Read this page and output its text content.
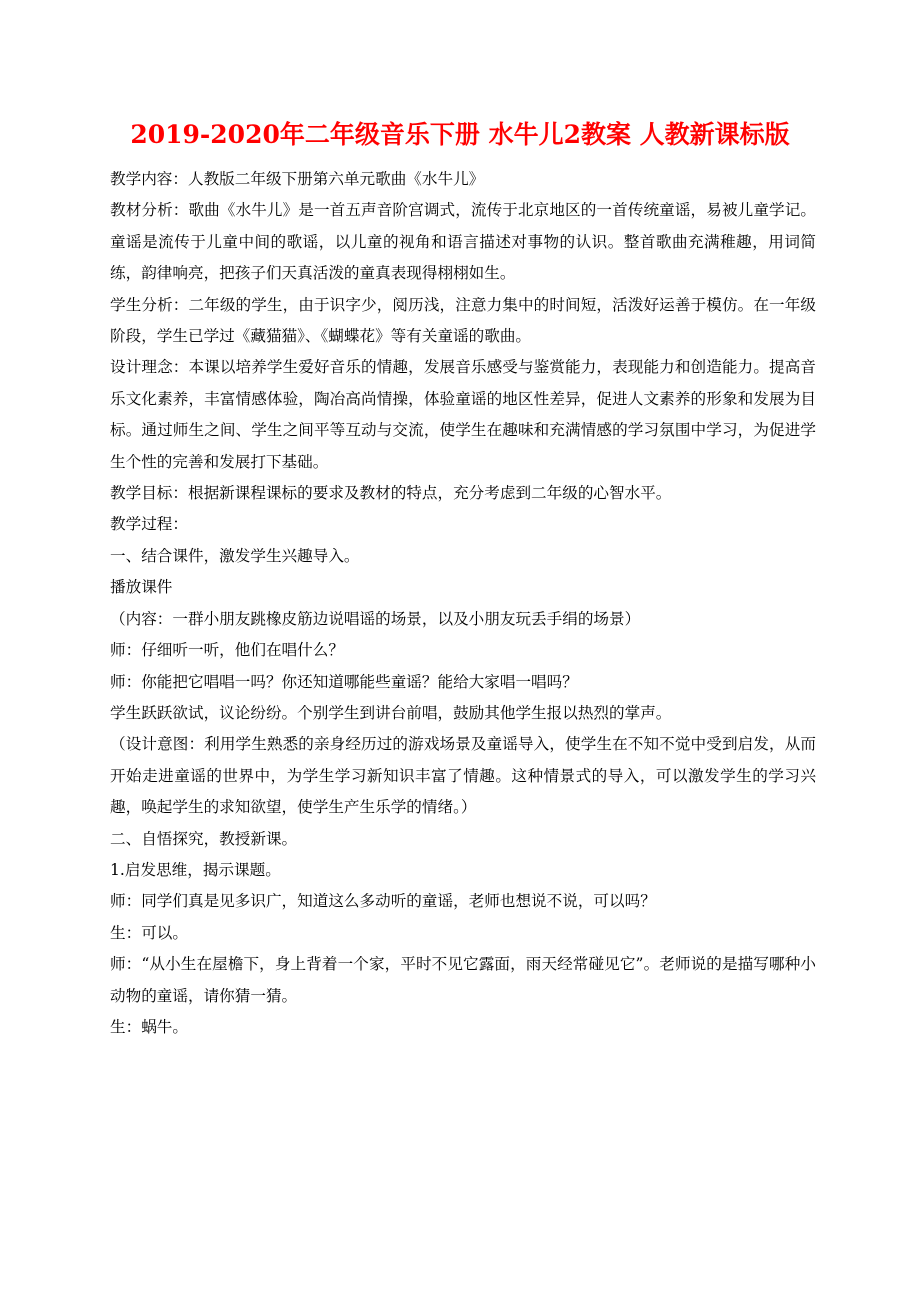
2019-2020年二年级音乐下册 水牛儿2教案 人教新课标版

教学内容：人教版二年级下册第六单元歌曲《水牛儿》

教材分析：歌曲《水牛儿》是一首五声音阶宫调式，流传于北京地区的一首传统童谣，易被儿童学记。童谣是流传于儿童中间的歌谣，以儿童的视角和语言描述对事物的认识。整首歌曲充满稚趣，用词简练，韵律响亮，把孩子们天真活泼的童真表现得栩栩如生。

学生分析：二年级的学生，由于识字少，阅历浅，注意力集中的时间短，活泼好运善于模仿。在一年级阶段，学生已学过《藏猫猫》、《蝴蝶花》等有关童谣的歌曲。

设计理念：本课以培养学生爱好音乐的情趣，发展音乐感受与鉴赏能力，表现能力和创造能力。提高音乐文化素养，丰富情感体验，陶冶高尚情操，体验童谣的地区性差异，促进人文素养的形象和发展为目标。通过师生之间、学生之间平等互动与交流，使学生在趣味和充满情感的学习氛围中学习，为促进学生个性的完善和发展打下基础。

教学目标：根据新课程课标的要求及教材的特点，充分考虑到二年级的心智水平。

教学过程：

一、结合课件，激发学生兴趣导入。

播放课件

（内容：一群小朋友跳橡皮筋边说唱谣的场景，以及小朋友玩丢手绢的场景）

师：仔细听一听，他们在唱什么？

师：你能把它唱唱一吗？你还知道哪能些童谣？能给大家唱一唱吗？

学生跃跃欲试，议论纷纷。个别学生到讲台前唱，鼓励其他学生报以热烈的掌声。

（设计意图：利用学生熟悉的亲身经历过的游戏场景及童谣导入，使学生在不知不觉中受到启发，从而开始走进童谣的世界中，为学生学习新知识丰富了情趣。这种情景式的导入，可以激发学生的学习兴趣，唤起学生的求知欲望，使学生产生乐学的情绪。）

二、自悟探究，教授新课。

1.启发思维，揭示课题。

师：同学们真是见多识广，知道这么多动听的童谣，老师也想说不说，可以吗？

生：可以。

师：“从小生在屋檐下，身上背着一个家，平时不见它露面，雨天经常碰见它”。老师说的是描写哪种小动物的童谣，请你猜一猜。

生：蜗牛。
